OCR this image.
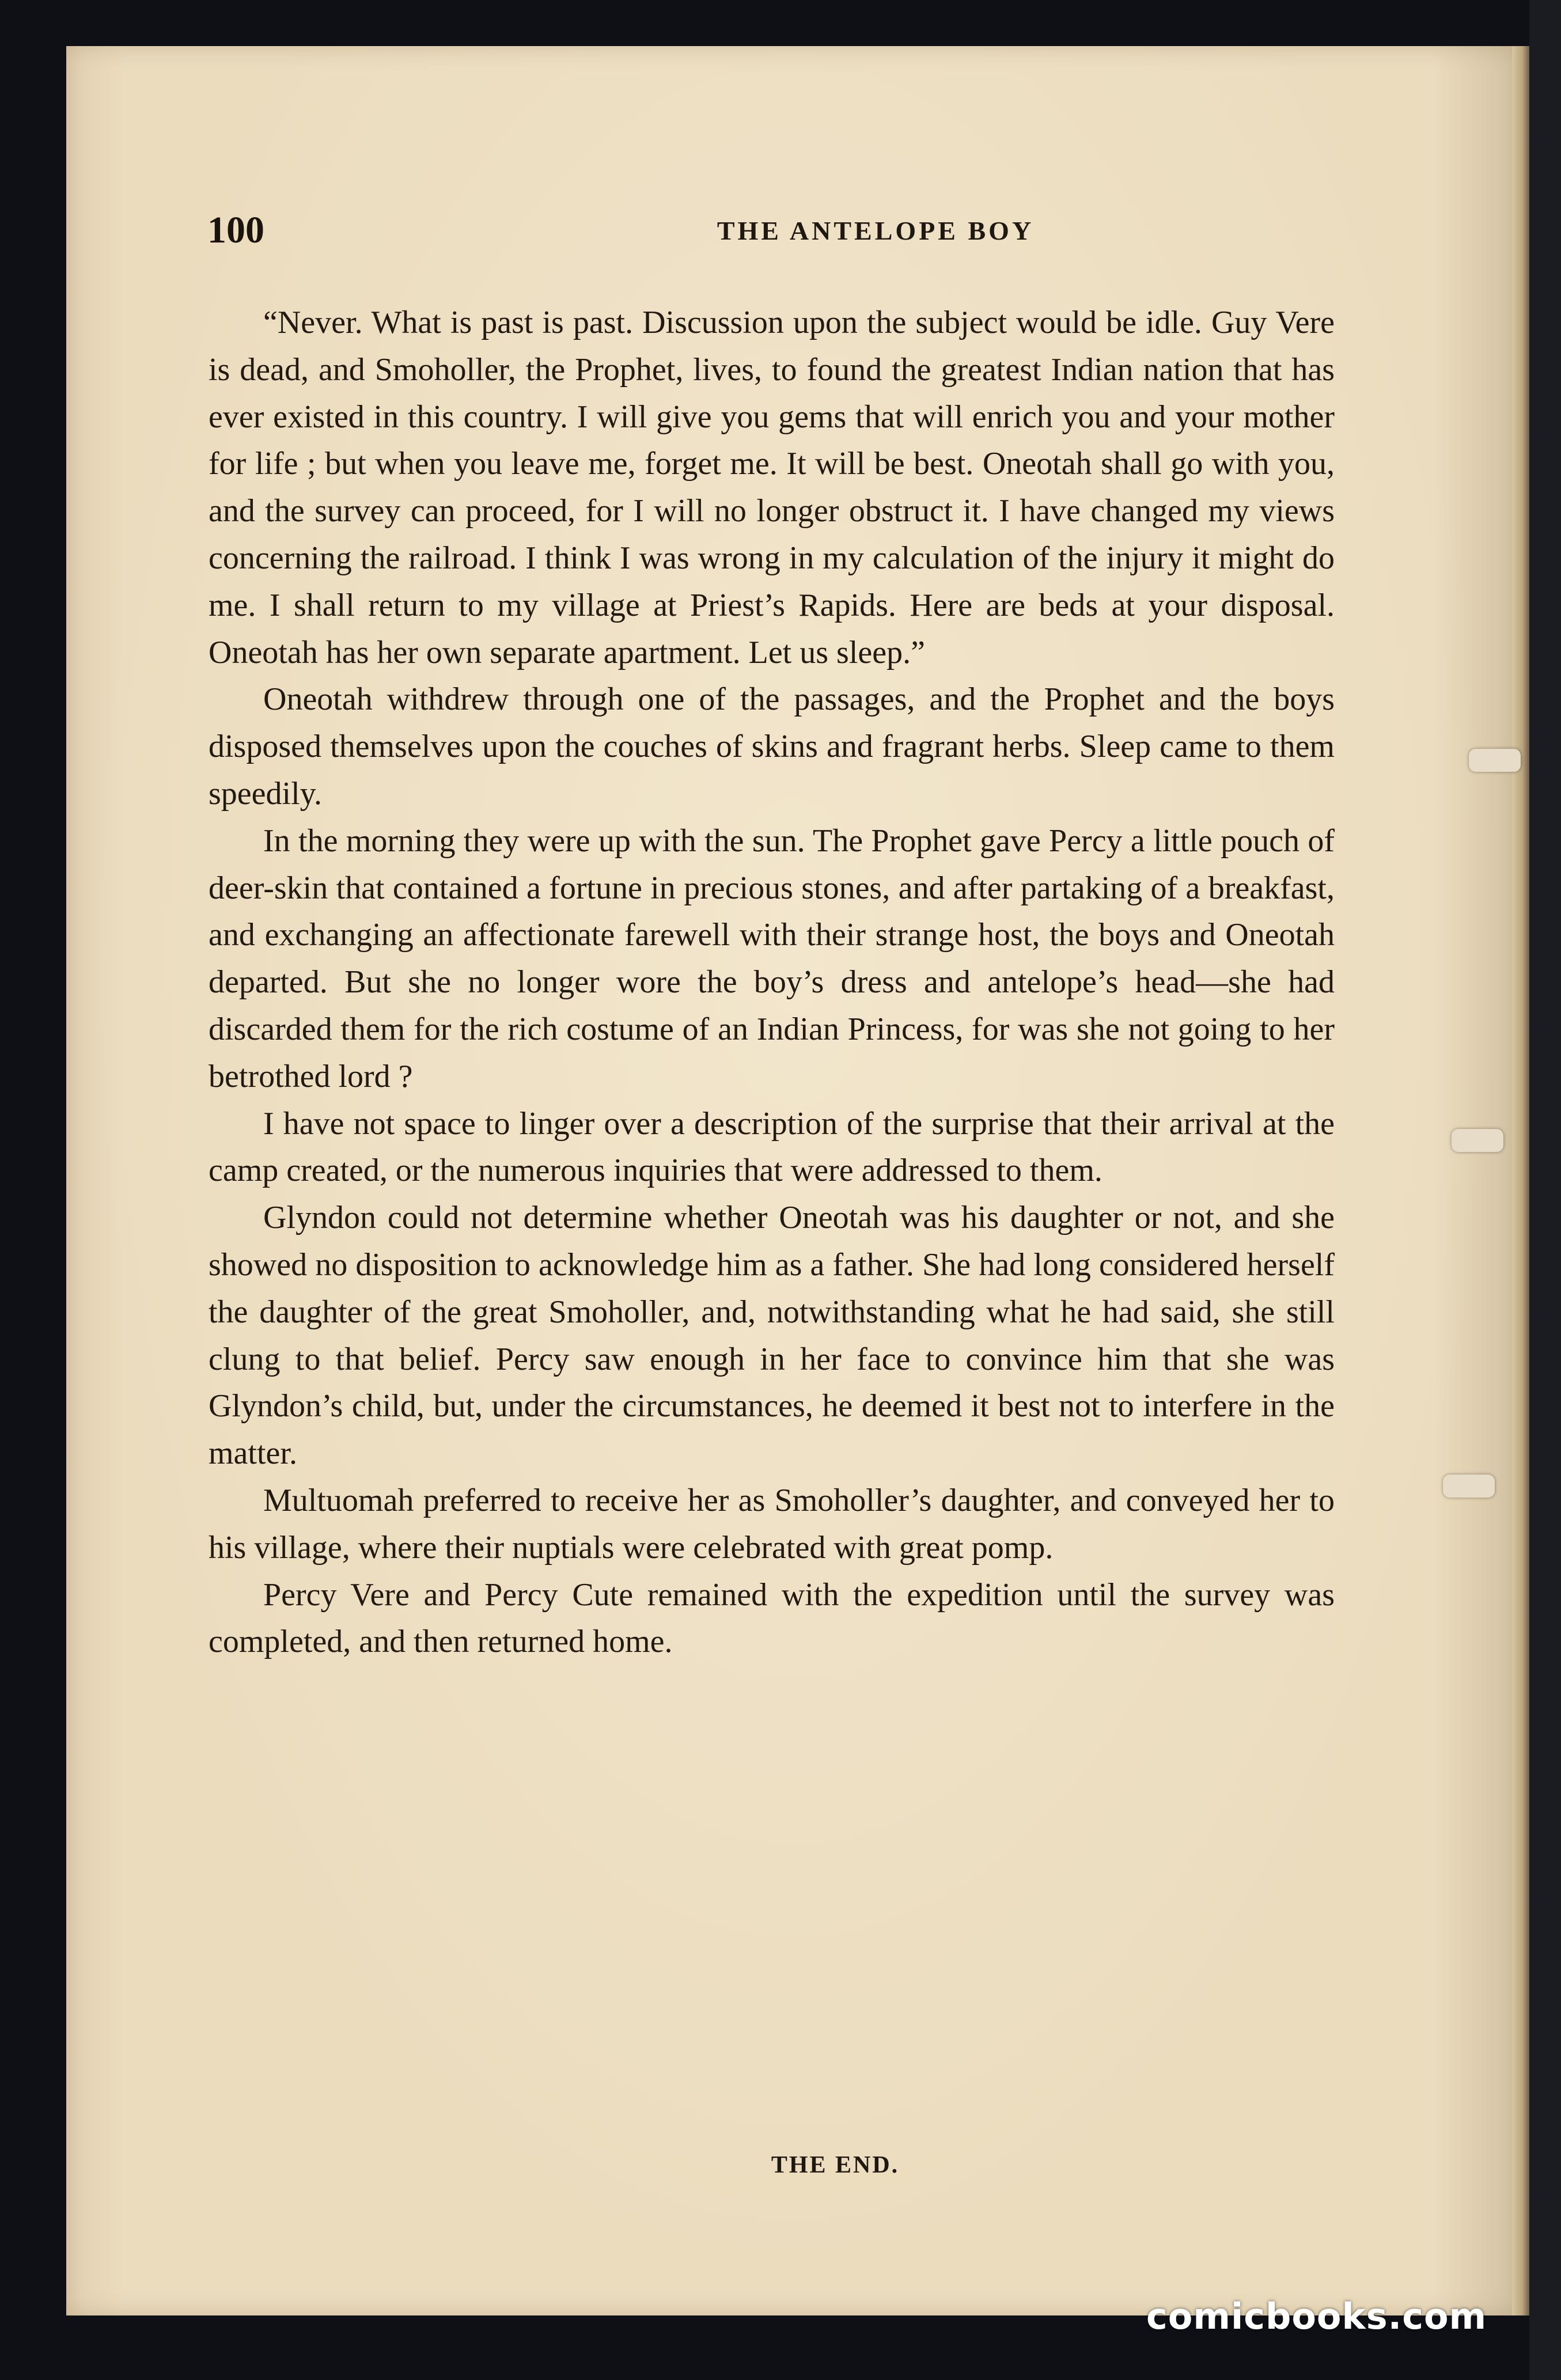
100	THE ANTELOPE BOY

“Never. What is past is past. Discussion upon the subject would be idle. Guy Vere is dead, and Smoholler, the Prophet, lives, to found the greatest Indian nation that has ever existed in this country. I will give you gems that will enrich you and your mother for life ; but when you leave me, forget me. It will be best. Oneotah shall go with you, and the survey can proceed, for I will no longer obstruct it. I have changed my views concerning the railroad. I think I was wrong in my calculation of the injury it might do me. I shall return to my village at Priest’s Rapids. Here are beds at your disposal. Oneotah has her own separate apartment. Let us sleep.”

Oneotah withdrew through one of the passages, and the Prophet and the boys disposed themselves upon the couches of skins and fragrant herbs. Sleep came to them speedily.

In the morning they were up with the sun. The Prophet gave Percy a little pouch of deer-skin that contained a fortune in precious stones, and after partaking of a breakfast, and exchanging an affectionate farewell with their strange host, the boys and Oneotah departed. But she no longer wore the boy’s dress and antelope’s head—she had discarded them for the rich costume of an Indian Princess, for was she not going to her betrothed lord ?

I have not space to linger over a description of the surprise that their arrival at the camp created, or the numerous inquiries that were addressed to them.

Glyndon could not determine whether Oneotah was his daughter or not, and she showed no disposition to acknowledge him as a father. She had long considered herself the daughter of the great Smoholler, and, notwithstanding what he had said, she still clung to that belief. Percy saw enough in her face to convince him that she was Glyndon’s child, but, under the circumstances, he deemed it best not to interfere in the matter.

Multuomah preferred to receive her as Smoholler’s daughter, and conveyed her to his village, where their nuptials were celebrated with great pomp.

Percy Vere and Percy Cute remained with the expedition until the survey was completed, and then returned home.

THE END.
comicbooks.com
